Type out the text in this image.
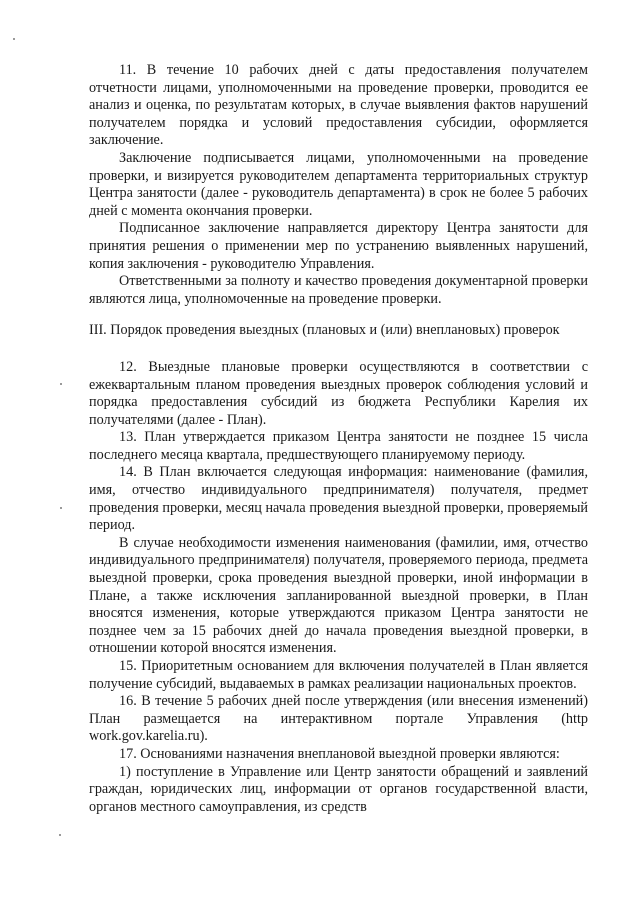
11. В течение 10 рабочих дней с даты предоставления получателем отчетности лицами, уполномоченными на проведение проверки, проводится ее анализ и оценка, по результатам которых, в случае выявления фактов нарушений получателем порядка и условий предоставления субсидии, оформляется заключение.

Заключение подписывается лицами, уполномоченными на проведение проверки, и визируется руководителем департамента территориальных структур Центра занятости (далее - руководитель департамента) в срок не более 5 рабочих дней с момента окончания проверки.

Подписанное заключение направляется директору Центра занятости для принятия решения о применении мер по устранению выявленных нарушений, копия заключения - руководителю Управления.

Ответственными за полноту и качество проведения документарной проверки являются лица, уполномоченные на проведение проверки.

III. Порядок проведения выездных (плановых и (или) внеплановых) проверок

12. Выездные плановые проверки осуществляются в соответствии с ежеквартальным планом проведения выездных проверок соблюдения условий и порядка предоставления субсидий из бюджета Республики Карелия их получателями (далее - План).

13. План утверждается приказом Центра занятости не позднее 15 числа последнего месяца квартала, предшествующего планируемому периоду.

14. В План включается следующая информация: наименование (фамилия, имя, отчество индивидуального предпринимателя) получателя, предмет проведения проверки, месяц начала проведения выездной проверки, проверяемый период.

В случае необходимости изменения наименования (фамилии, имя, отчество индивидуального предпринимателя) получателя, проверяемого периода, предмета выездной проверки, срока проведения выездной проверки, иной информации в Плане, а также исключения запланированной выездной проверки, в План вносятся изменения, которые утверждаются приказом Центра занятости не позднее чем за 15 рабочих дней до начала проведения выездной проверки, в отношении которой вносятся изменения.

15. Приоритетным основанием для включения получателей в План является получение субсидий, выдаваемых в рамках реализации национальных проектов.

16. В течение 5 рабочих дней после утверждения (или внесения изменений) План размещается на интерактивном портале Управления (http work.gov.karelia.ru).

17. Основаниями назначения внеплановой выездной проверки являются:

1) поступление в Управление или Центр занятости обращений и заявлений граждан, юридических лиц, информации от органов государственной власти, органов местного самоуправления, из средств
